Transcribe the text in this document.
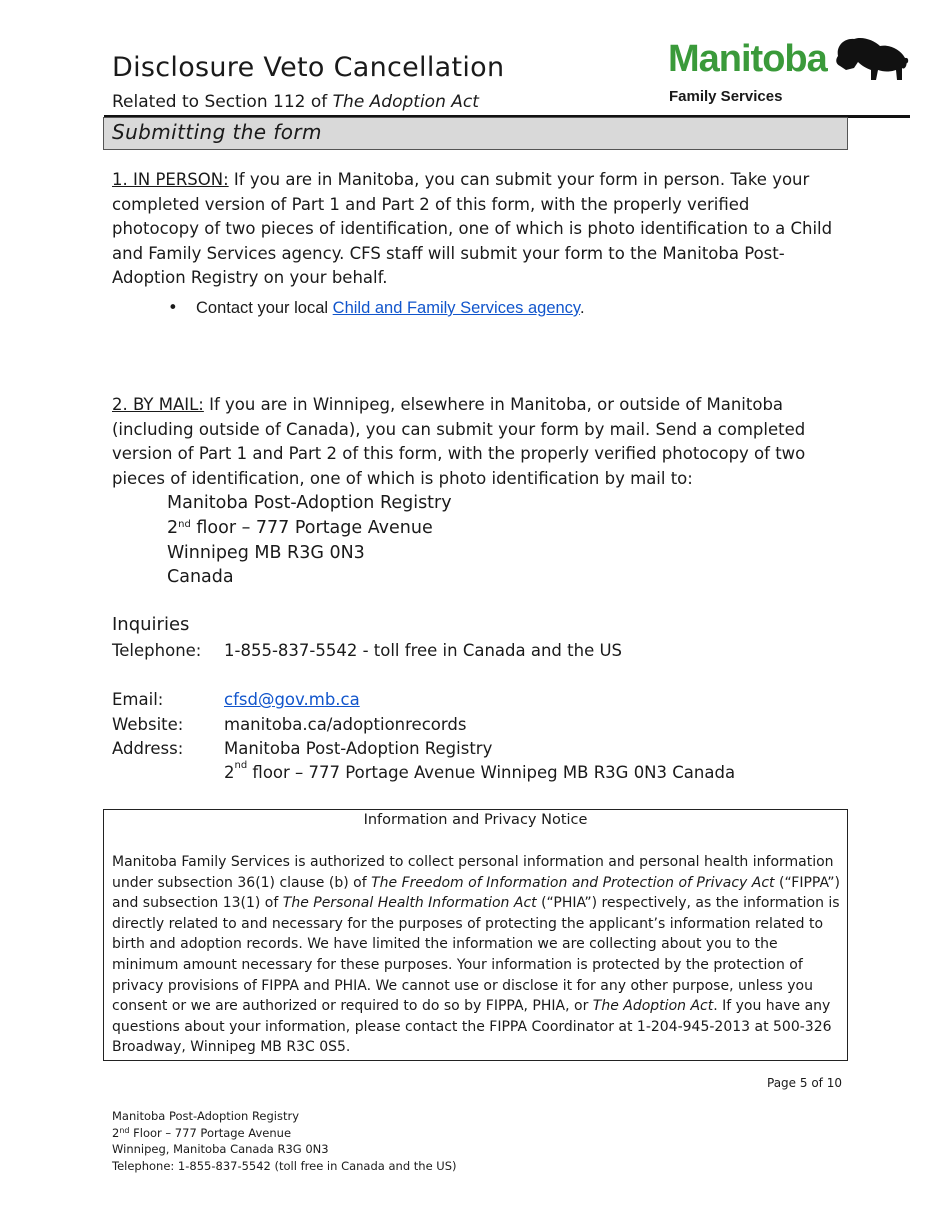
Disclosure Veto Cancellation
Related to Section 112 of The Adoption Act
Manitoba
Family Services
Submitting the form
1. IN PERSON: If you are in Manitoba, you can submit your form in person. Take your completed version of Part 1 and Part 2 of this form, with the properly verified photocopy of two pieces of identification, one of which is photo identification to a Child and Family Services agency. CFS staff will submit your form to the Manitoba Post-Adoption Registry on your behalf.
• Contact your local Child and Family Services agency.
2. BY MAIL: If you are in Winnipeg, elsewhere in Manitoba, or outside of Manitoba (including outside of Canada), you can submit your form by mail. Send a completed version of Part 1 and Part 2 of this form, with the properly verified photocopy of two pieces of identification, one of which is photo identification by mail to:
Manitoba Post-Adoption Registry
2nd floor – 777 Portage Avenue
Winnipeg MB R3G 0N3
Canada
Inquiries
Telephone: 1-855-837-5542 - toll free in Canada and the US
Email:	cfsd@gov.mb.ca
Website: manitoba.ca/adoptionrecords
Address: Manitoba Post-Adoption Registry
2nd floor – 777 Portage Avenue Winnipeg MB R3G 0N3 Canada
Information and Privacy Notice
Manitoba Family Services is authorized to collect personal information and personal health information under subsection 36(1) clause (b) of The Freedom of Information and Protection of Privacy Act (“FIPPA”) and subsection 13(1) of The Personal Health Information Act (“PHIA”) respectively, as the information is directly related to and necessary for the purposes of protecting the applicant’s information related to birth and adoption records. We have limited the information we are collecting about you to the minimum amount necessary for these purposes. Your information is protected by the protection of privacy provisions of FIPPA and PHIA. We cannot use or disclose it for any other purpose, unless you consent or we are authorized or required to do so by FIPPA, PHIA, or The Adoption Act. If you have any questions about your information, please contact the FIPPA Coordinator at 1-204-945-2013 at 500-326 Broadway, Winnipeg MB R3C 0S5.
Page 5 of 10
Manitoba Post-Adoption Registry
2nd Floor – 777 Portage Avenue
Winnipeg, Manitoba Canada R3G 0N3
Telephone: 1-855-837-5542 (toll free in Canada and the US)
